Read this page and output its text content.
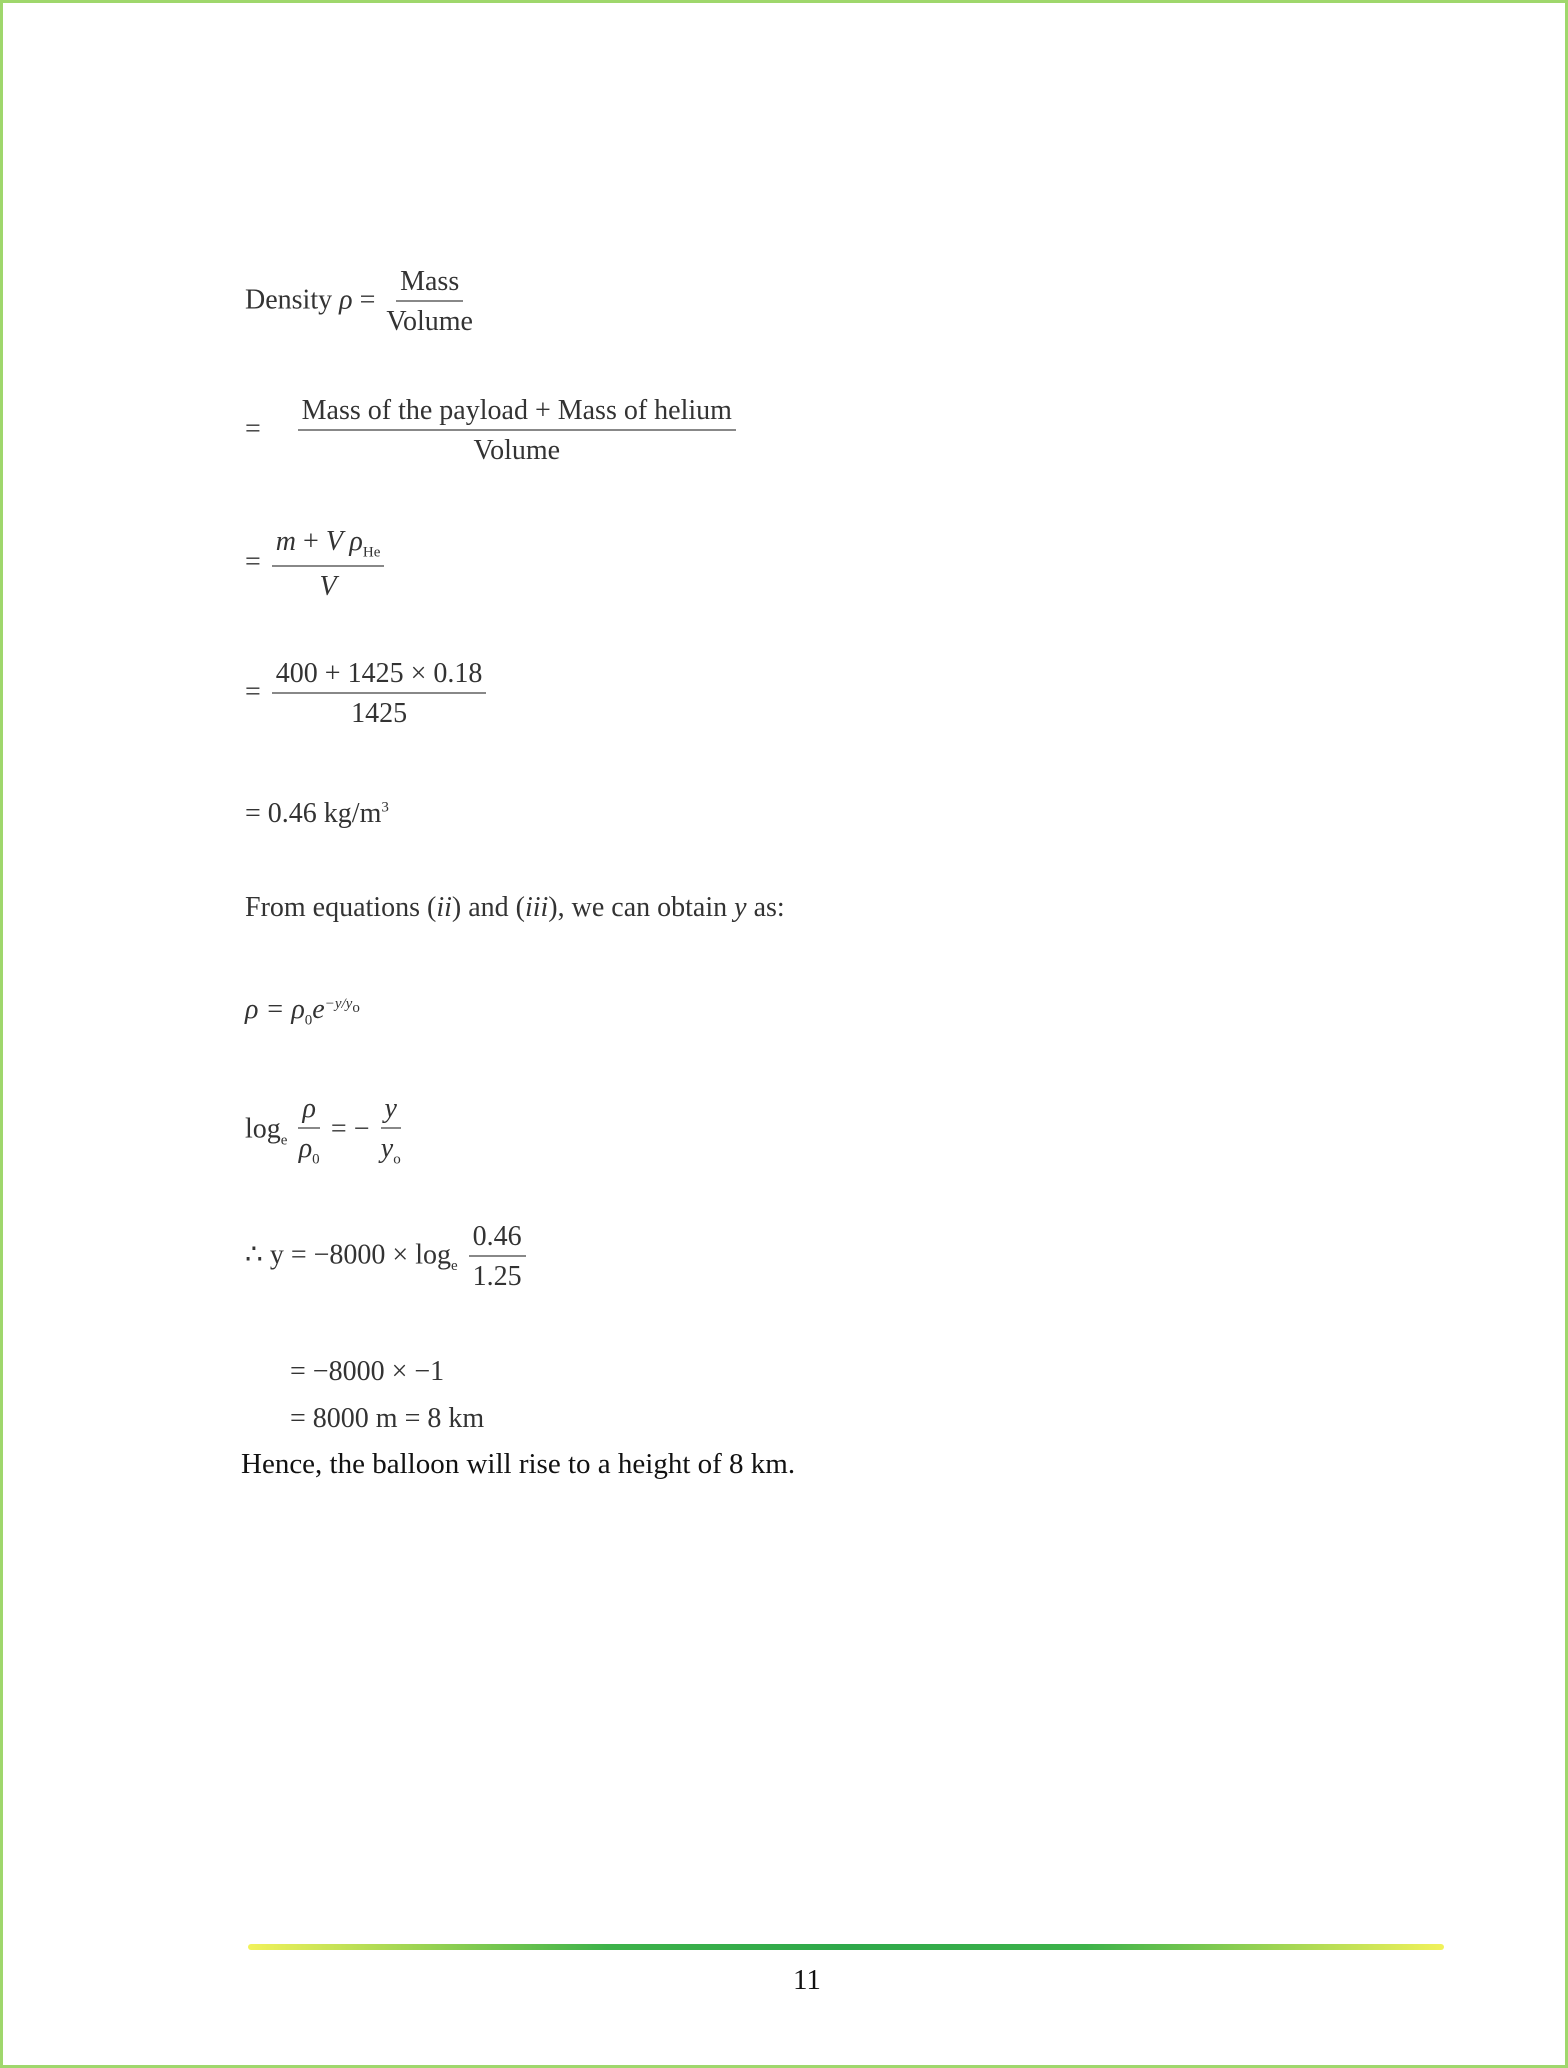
Density $\rho = \frac{\text{Mass}}{\text{Volume}}$
= $\frac{\text{Mass of the payload + Mass of helium}}{\text{Volume}}$
= $\frac{m + V \rho_{He}}{V}$
= $\frac{400 + 1425 \times 0.18}{1425}$
= 0.46 $kg/m^3$
From equations (ii) and (iii), we can obtain y as:
$\rho = \rho_0e^{-y/y_o}$
$\log_e \frac{\rho}{\rho_0}$ = − $\frac{y}{y_o}$
∴ $y = -8000 \times \log_e \frac{0.46}{1.25}$
= −8000 × −1
= 8000 m = 8 km
Hence, the balloon will rise to a height of 8 km.
11
